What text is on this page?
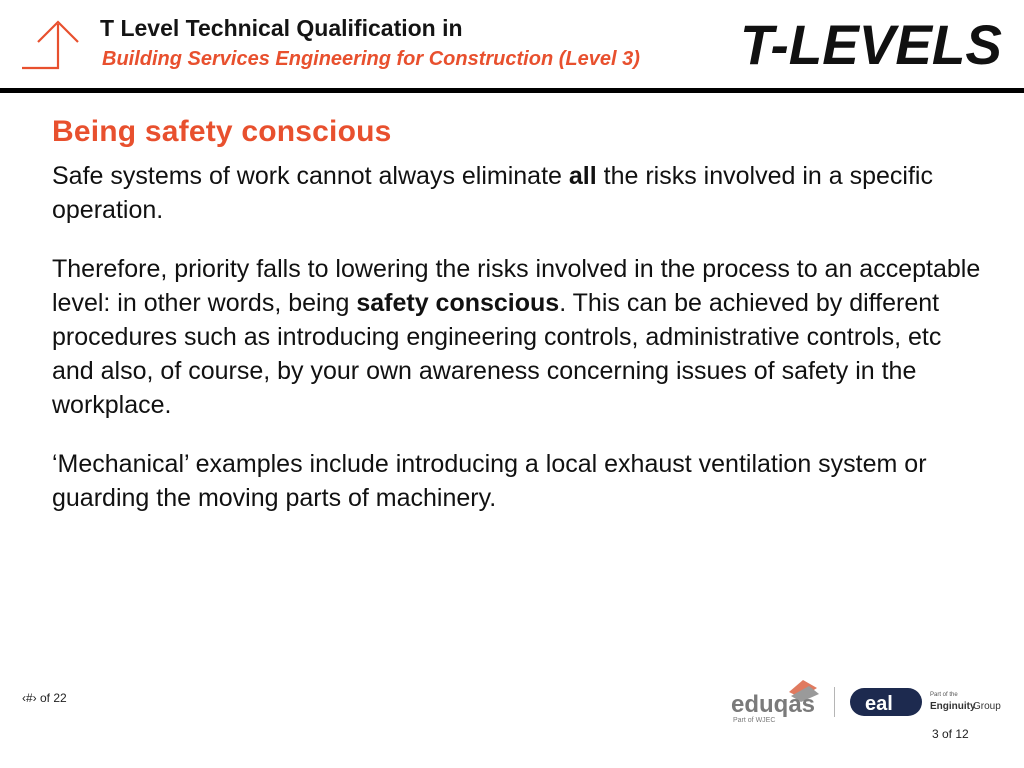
T Level Technical Qualification in
Building Services Engineering for Construction (Level 3) T-LEVELS
Being safety conscious

Safe systems of work cannot always eliminate all the risks involved in a specific operation.

Therefore, priority falls to lowering the risks involved in the process to an acceptable level: in other words, being safety conscious. This can be achieved by different procedures such as introducing engineering controls, administrative controls, etc and also, of course, by your own awareness concerning issues of safety in the workplace.

‘Mechanical’ examples include introducing a local exhaust ventilation system or guarding the moving parts of machinery.

‹#› of 22	eduqas
Part of WJEC
eal	Part of the
Enginuity
Group
3 of 12
